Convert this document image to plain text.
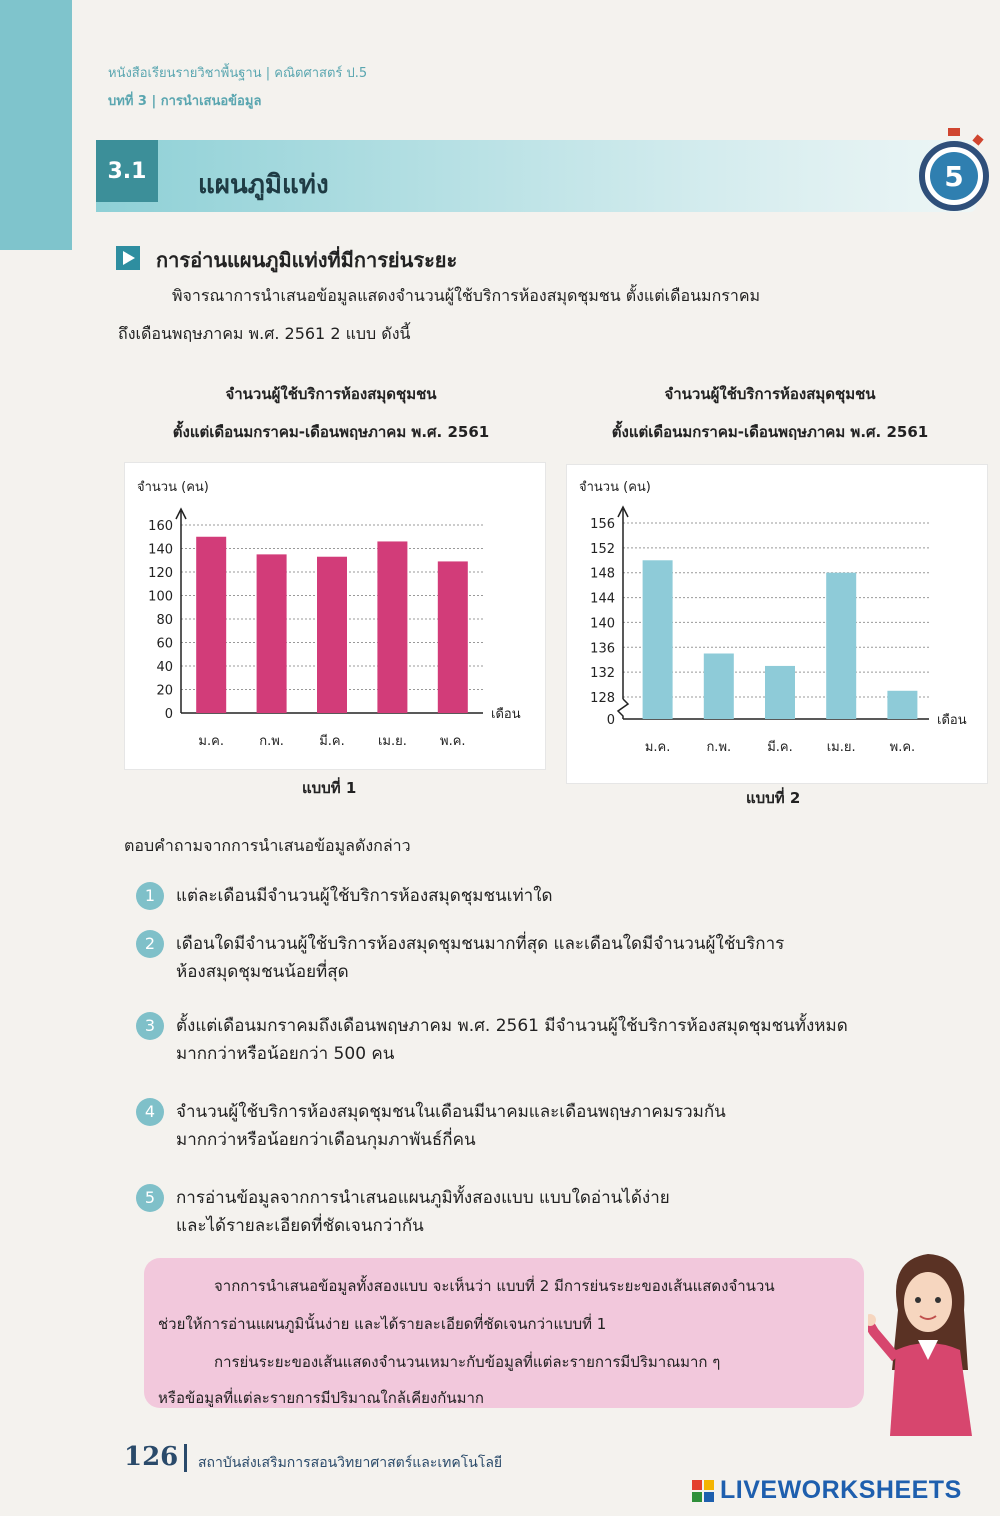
หนังสือเรียนรายวิชาพื้นฐาน | คณิตศาสตร์ ป.5
บทที่ 3 | การนำเสนอข้อมูล
3.1	แผนภูมิแท่ง	5
การอ่านแผนภูมิแท่งที่มีการย่นระยะ
พิจารณาการนำเสนอข้อมูลแสดงจำนวนผู้ใช้บริการห้องสมุดชุมชน ตั้งแต่เดือนมกราคม
ถึงเดือนพฤษภาคม พ.ศ. 2561 2 แบบ ดังนี้
จำนวนผู้ใช้บริการห้องสมุดชุมชน
ตั้งแต่เดือนมกราคม-เดือนพฤษภาคม พ.ศ. 2561
จำนวน (คน)
เดือน
0
20
40
60
80
100
120
140
160
ม.ค.	ก.พ.	มี.ค.	เม.ย.	พ.ค.
แบบที่ 1
จำนวนผู้ใช้บริการห้องสมุดชุมชน
ตั้งแต่เดือนมกราคม-เดือนพฤษภาคม พ.ศ. 2561
จำนวน (คน)
เดือน
0
128
132
136
140
144
148
152
156
ม.ค.	ก.พ.	มี.ค.	เม.ย.	พ.ค.
แบบที่ 2
ตอบคำถามจากการนำเสนอข้อมูลดังกล่าว
1	แต่ละเดือนมีจำนวนผู้ใช้บริการห้องสมุดชุมชนเท่าใด
2	เดือนใดมีจำนวนผู้ใช้บริการห้องสมุดชุมชนมากที่สุด และเดือนใดมีจำนวนผู้ใช้บริการ
ห้องสมุดชุมชนน้อยที่สุด
3	ตั้งแต่เดือนมกราคมถึงเดือนพฤษภาคม พ.ศ. 2561 มีจำนวนผู้ใช้บริการห้องสมุดชุมชนทั้งหมด
มากกว่าหรือน้อยกว่า 500 คน
4	จำนวนผู้ใช้บริการห้องสมุดชุมชนในเดือนมีนาคมและเดือนพฤษภาคมรวมกัน
มากกว่าหรือน้อยกว่าเดือนกุมภาพันธ์กี่คน
5	การอ่านข้อมูลจากการนำเสนอแผนภูมิทั้งสองแบบ แบบใดอ่านได้ง่าย
และได้รายละเอียดที่ชัดเจนกว่ากัน
จากการนำเสนอข้อมูลทั้งสองแบบ จะเห็นว่า แบบที่ 2 มีการย่นระยะของเส้นแสดงจำนวน
ช่วยให้การอ่านแผนภูมินั้นง่าย และได้รายละเอียดที่ชัดเจนกว่าแบบที่ 1
การย่นระยะของเส้นแสดงจำนวนเหมาะกับข้อมูลที่แต่ละรายการมีปริมาณมาก ๆ
หรือข้อมูลที่แต่ละรายการมีปริมาณใกล้เคียงกันมาก
126 สถาบันส่งเสริมการสอนวิทยาศาสตร์และเทคโนโลยี
LIVEWORKSHEETS
